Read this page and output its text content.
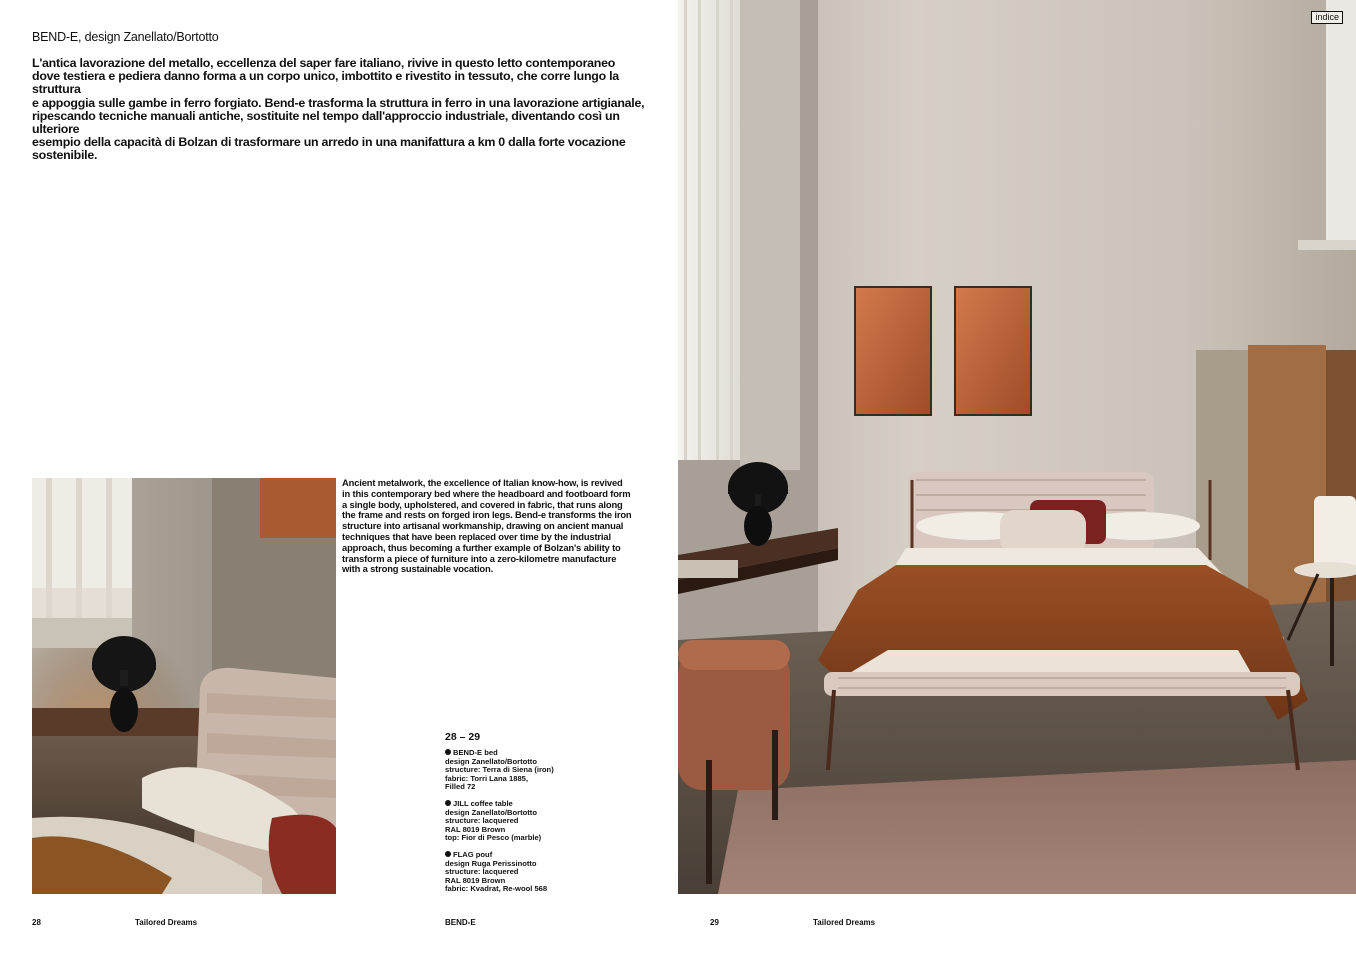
BEND-E, design Zanellato/Bortotto

L'antica lavorazione del metallo, eccellenza del saper fare italiano, rivive in questo letto contemporaneo

dove testiera e pediera danno forma a un corpo unico, imbottito e rivestito in tessuto, che corre lungo la struttura

e appoggia sulle gambe in ferro forgiato. Bend-e trasforma la struttura in ferro in una lavorazione artigianale,

ripescando tecniche manuali antiche, sostituite nel tempo dall'approccio industriale, diventando così un ulteriore

esempio della capacità di Bolzan di trasformare un arredo in una manifattura a km 0 dalla forte vocazione

sostenibile.

Ancient metalwork, the excellence of Italian know-how, is revived
in this contemporary bed where the headboard and footboard form
a single body, upholstered, and covered in fabric, that runs along
the frame and rests on forged iron legs. Bend-e transforms the iron
structure into artisanal workmanship, drawing on ancient manual
techniques that have been replaced over time by the industrial
approach, thus becoming a further example of Bolzan's ability to
transform a piece of furniture into a zero-kilometre manufacture
with a strong sustainable vocation.
28 – 29
BEND-E bed
design Zanellato/Bortotto
structure: Terra di Siena (iron)
fabric: Torri Lana 1885,
Filled 72
JILL coffee table
design Zanellato/Bortotto
structure: lacquered
RAL 8019 Brown
top: Fior di Pesco (marble)
FLAG pouf
design Ruga Perissinotto
structure: lacquered
RAL 8019 Brown
fabric: Kvadrat, Re-wool 568
indice
28	Tailored Dreams	BEND-E	29	Tailored Dreams
